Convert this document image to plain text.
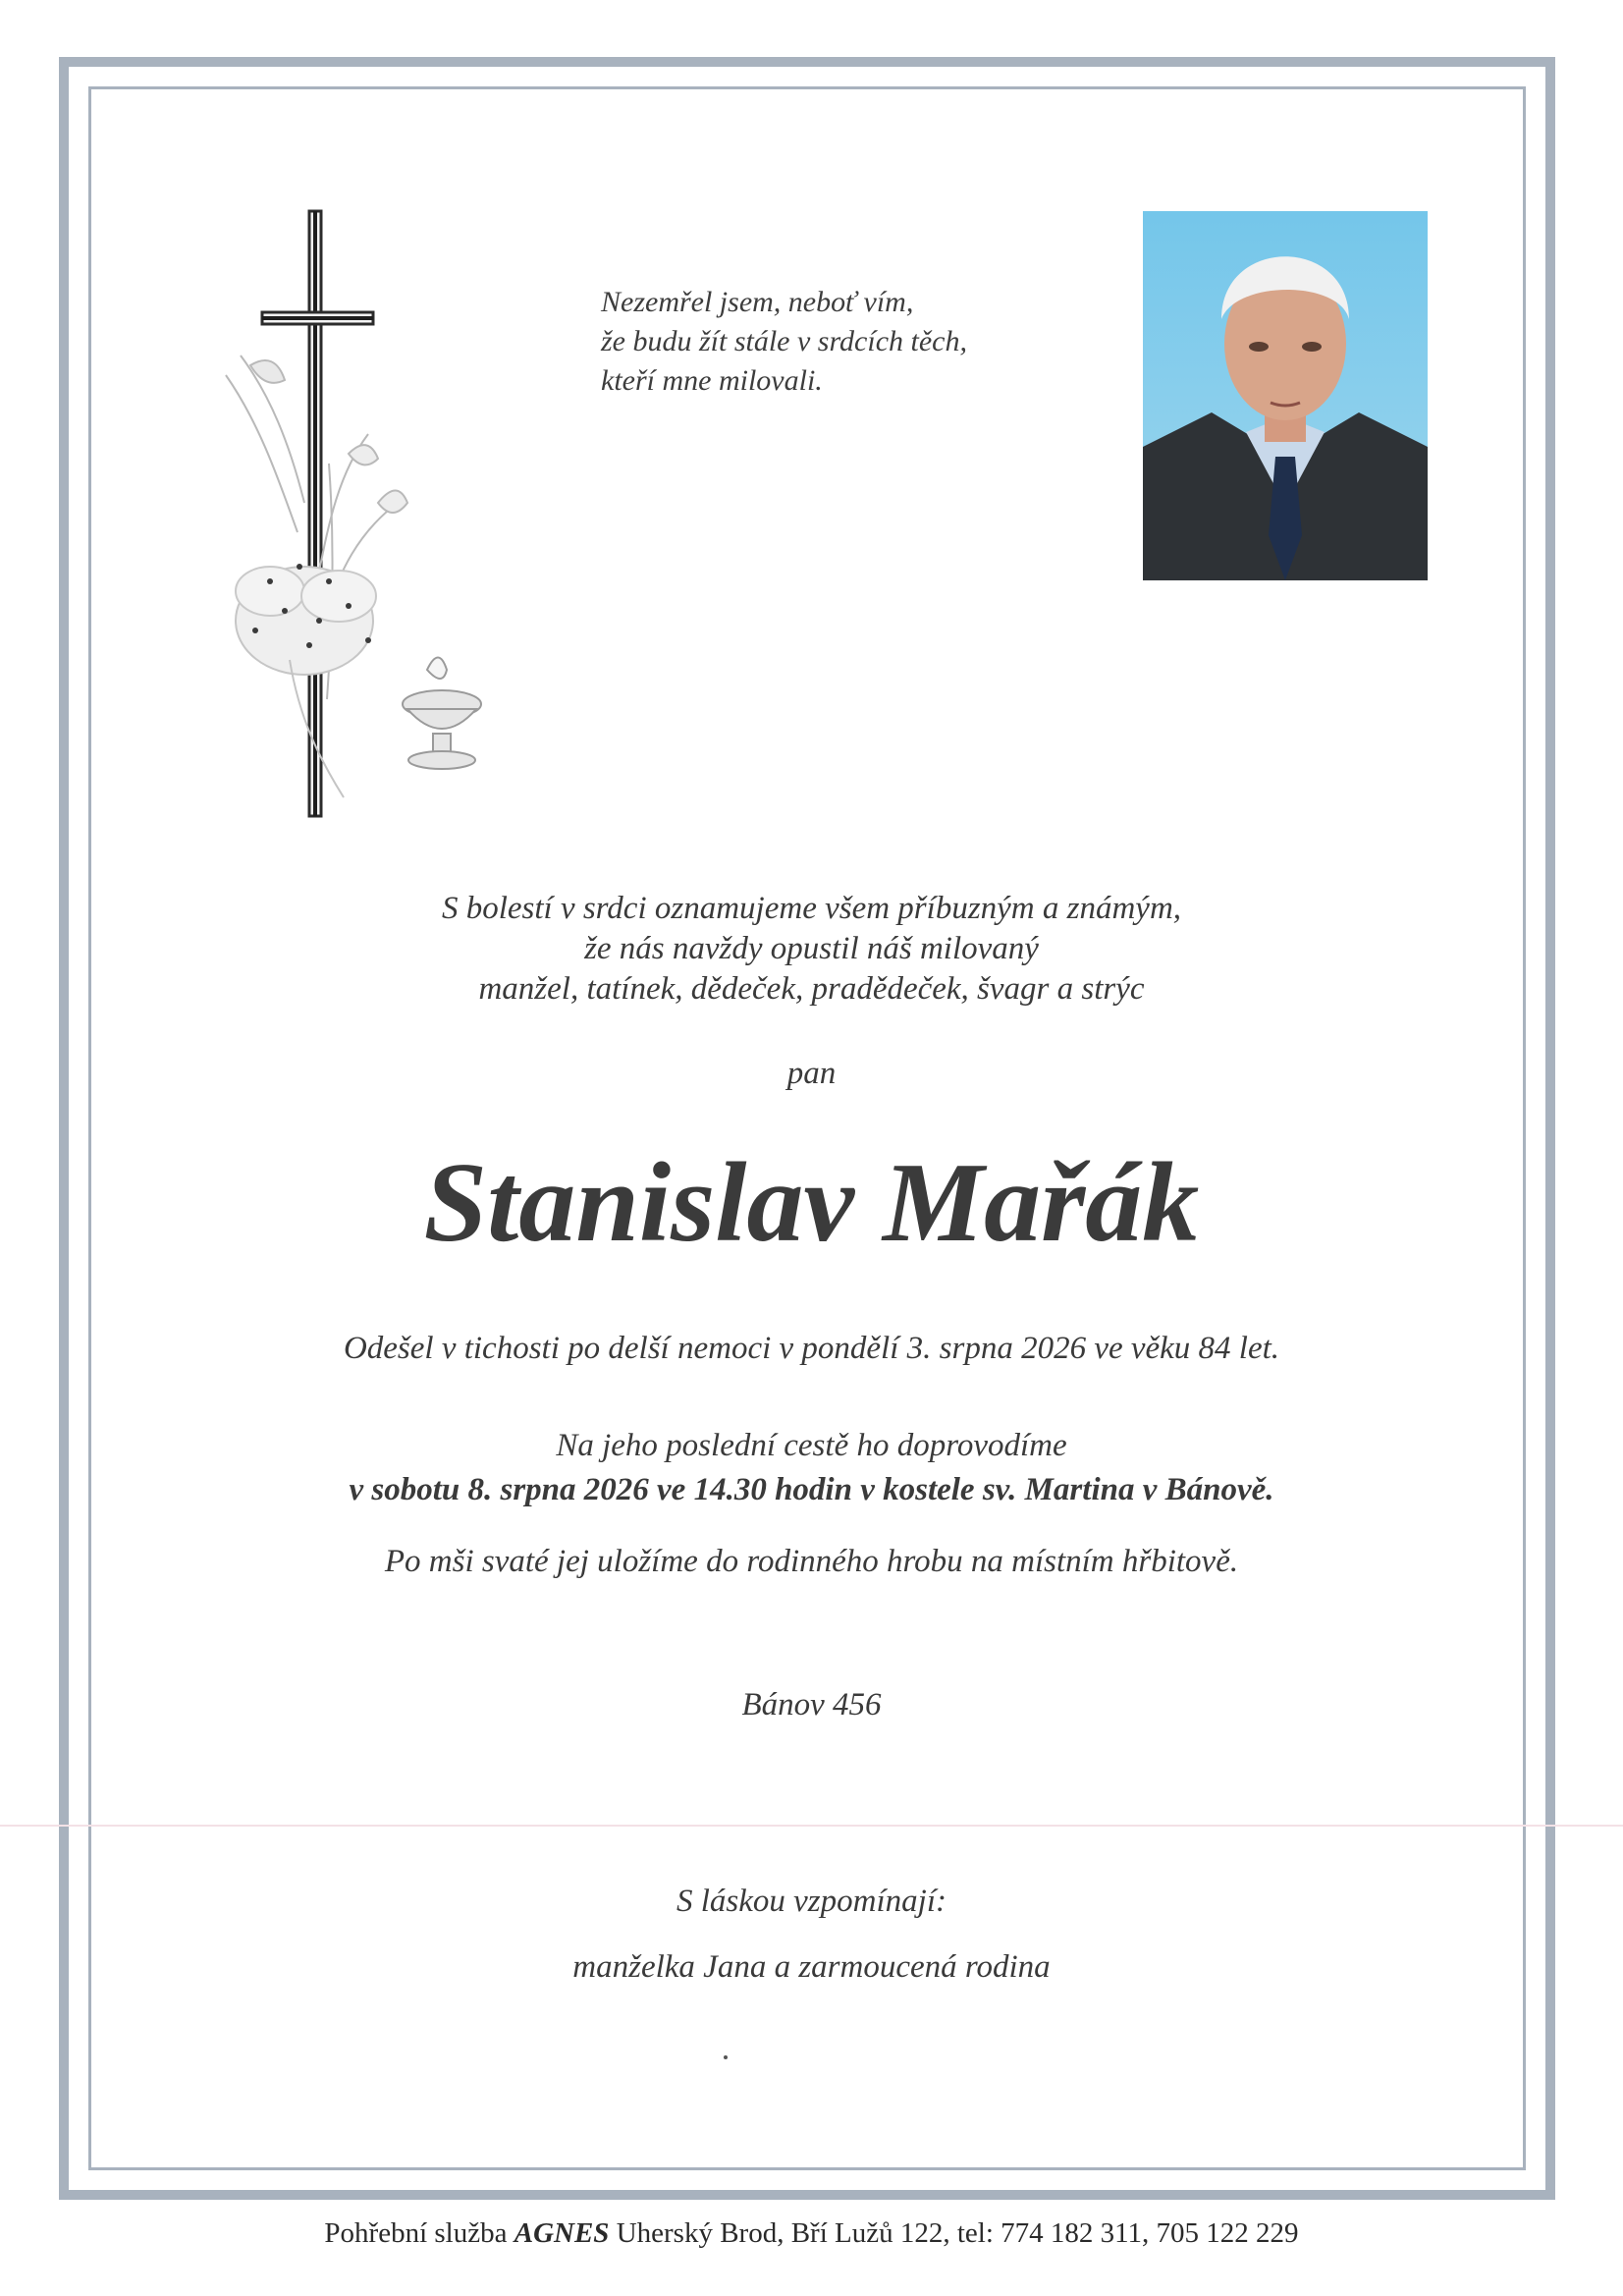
Nezemřel jsem, neboť vím,
že budu žít stále v srdcích těch,
kteří mne milovali.
S bolestí v srdci oznamujeme všem příbuzným a známým,
že nás navždy opustil náš milovaný
manžel, tatínek, dědeček, pradědeček, švagr a strýc
pan
Stanislav Mařák
Odešel v tichosti po delší nemoci v pondělí 3. srpna 2026 ve věku 84 let.
Na jeho poslední cestě ho doprovodíme
v sobotu 8. srpna 2026 ve 14.30 hodin v kostele sv. Martina v Bánově.
Po mši svaté jej uložíme do rodinného hrobu na místním hřbitově.
Bánov 456
S láskou vzpomínají:
manželka Jana a zarmoucená rodina
Pohřební služba AGNES Uherský Brod, Bří Lužů 122, tel: 774 182 311, 705 122 229
